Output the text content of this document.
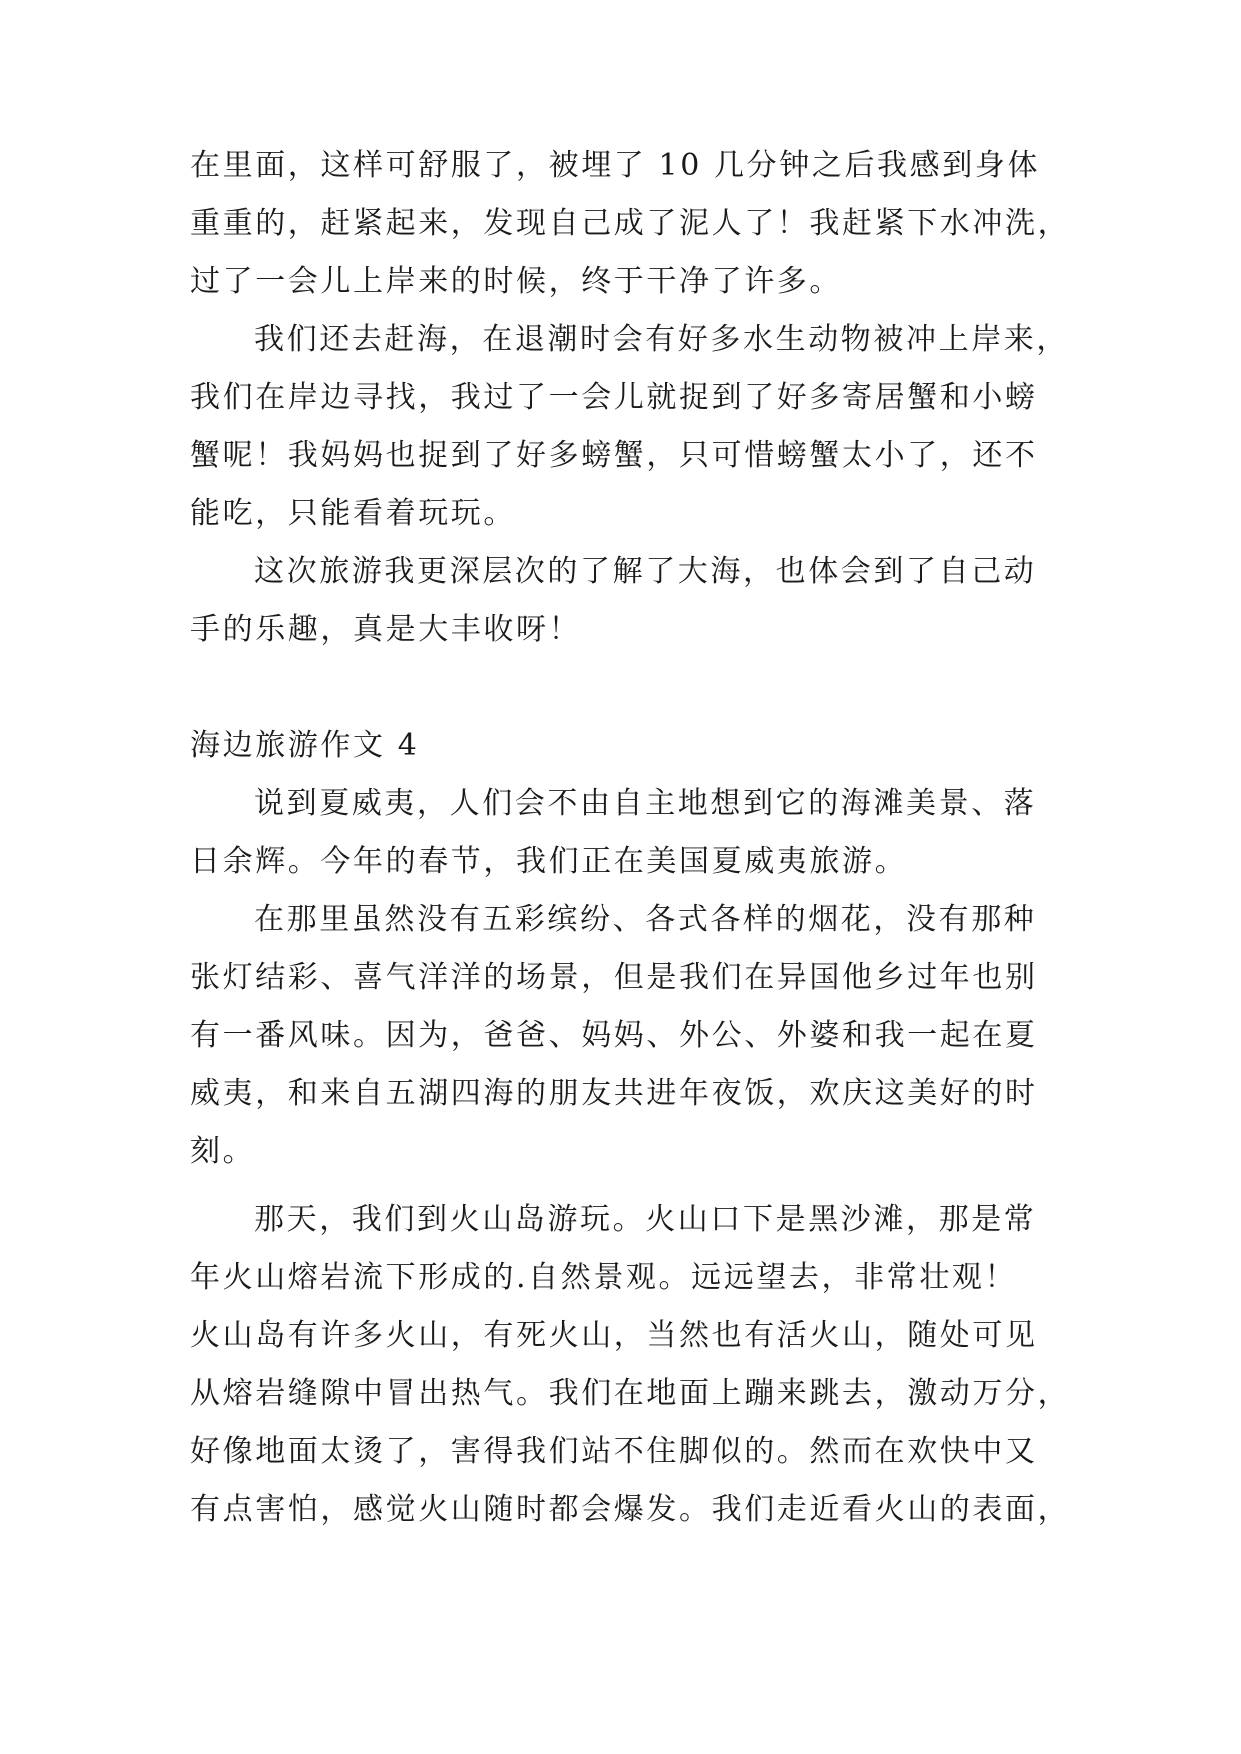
在里面，这样可舒服了，被埋了 10 几分钟之后我感到身体
重重的，赶紧起来，发现自己成了泥人了！我赶紧下水冲洗，
过了一会儿上岸来的时候，终于干净了许多。
我们还去赶海，在退潮时会有好多水生动物被冲上岸来，
我们在岸边寻找，我过了一会儿就捉到了好多寄居蟹和小螃
蟹呢！我妈妈也捉到了好多螃蟹，只可惜螃蟹太小了，还不
能吃，只能看着玩玩。
这次旅游我更深层次的了解了大海，也体会到了自己动
手的乐趣，真是大丰收呀！
海边旅游作文 4
说到夏威夷，人们会不由自主地想到它的海滩美景、落
日余辉。今年的春节，我们正在美国夏威夷旅游。
在那里虽然没有五彩缤纷、各式各样的烟花，没有那种
张灯结彩、喜气洋洋的场景，但是我们在异国他乡过年也别
有一番风味。因为，爸爸、妈妈、外公、外婆和我一起在夏
威夷，和来自五湖四海的朋友共进年夜饭，欢庆这美好的时
刻。
那天，我们到火山岛游玩。火山口下是黑沙滩，那是常
年火山熔岩流下形成的.自然景观。远远望去，非常壮观！
火山岛有许多火山，有死火山，当然也有活火山，随处可见
从熔岩缝隙中冒出热气。我们在地面上蹦来跳去，激动万分，
好像地面太烫了，害得我们站不住脚似的。然而在欢快中又
有点害怕，感觉火山随时都会爆发。我们走近看火山的表面，
